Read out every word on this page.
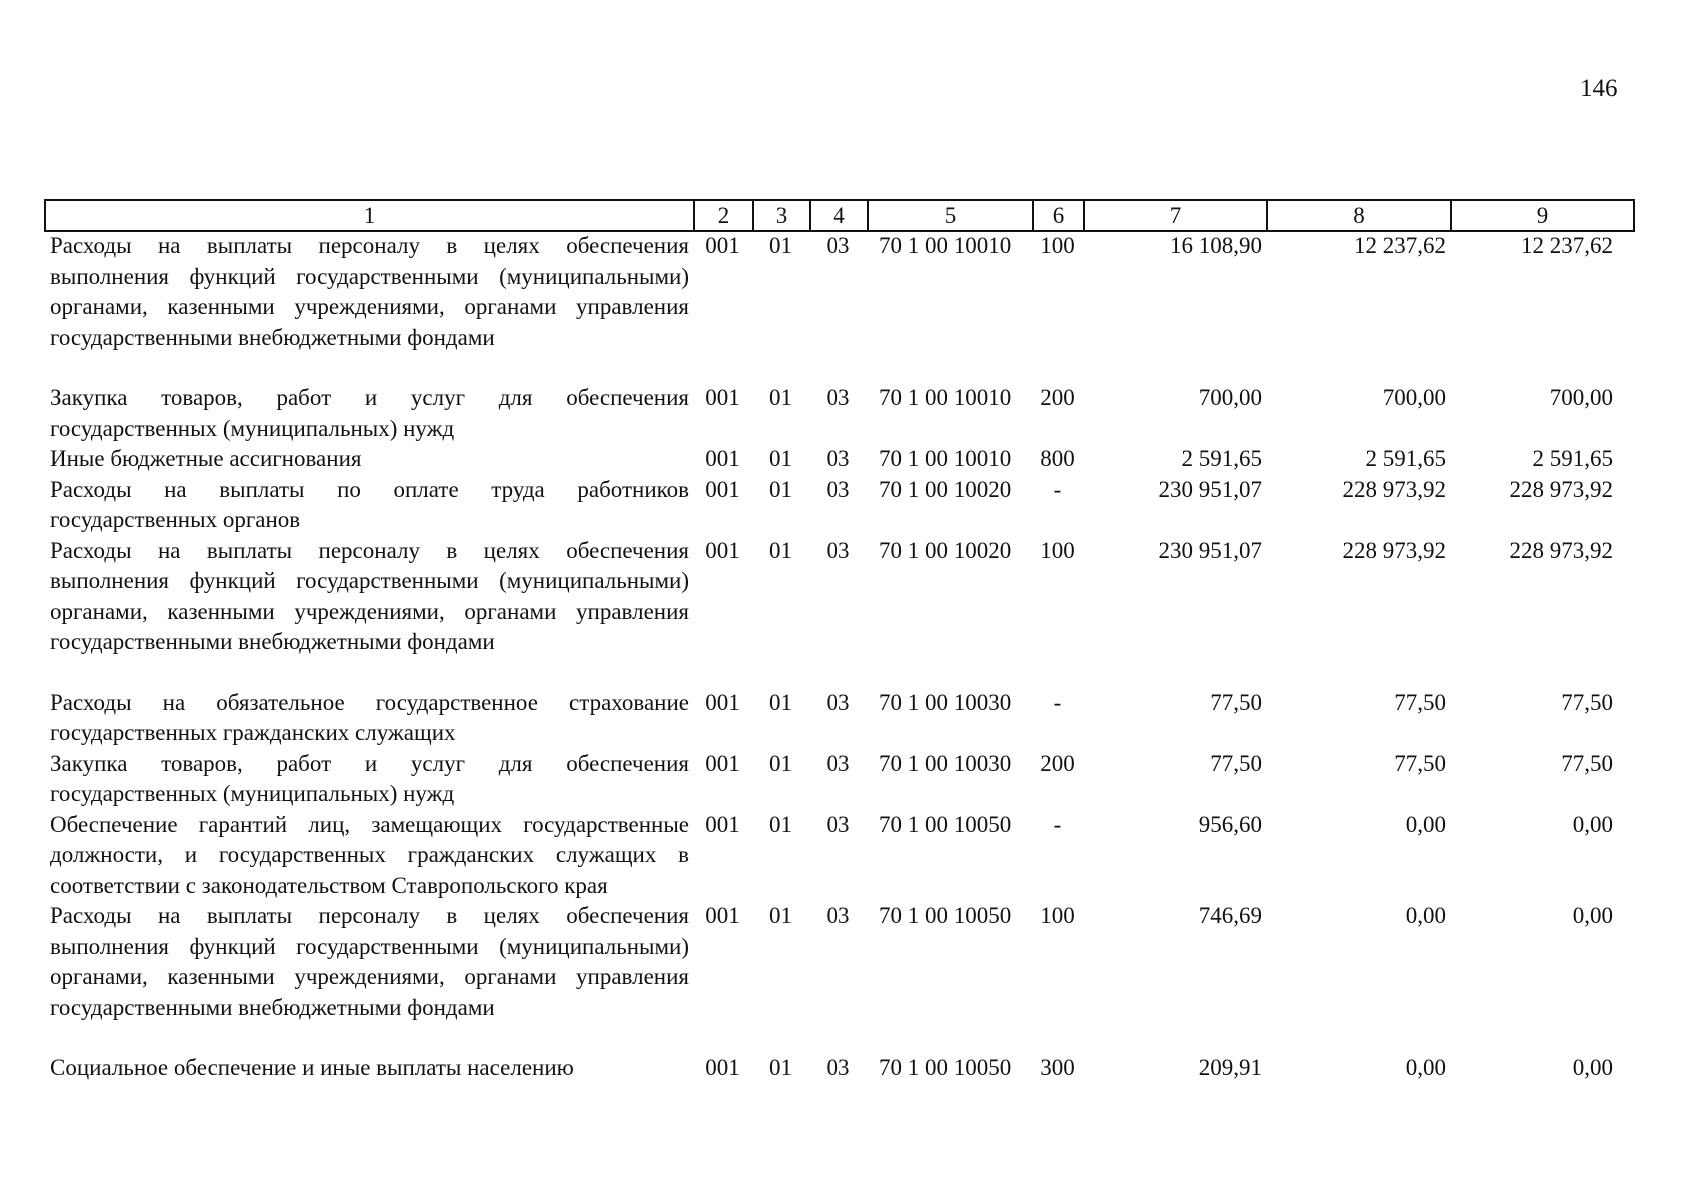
146
1	2	3	4	5	6	7	8	9
Расходы на выплаты персоналу в целях обеспечения выполнения функций государственными (муниципальными) органами, казенными учреждениями, органами управления государственными внебюджетными фондами	001	01	03	70 1 00 10010	100	16 108,90	12 237,62	12 237,62

Закупка товаров, работ и услуг для обеспечения государственных (муниципальных) нужд	001	01	03	70 1 00 10010	200	700,00	700,00	700,00
Иные бюджетные ассигнования	001	01	03	70 1 00 10010	800	2 591,65	2 591,65	2 591,65
Расходы на выплаты по оплате труда работников государственных органов	001	01	03	70 1 00 10020	-	230 951,07	228 973,92	228 973,92
Расходы на выплаты персоналу в целях обеспечения выполнения функций государственными (муниципальными) органами, казенными учреждениями, органами управления государственными внебюджетными фондами	001	01	03	70 1 00 10020	100	230 951,07	228 973,92	228 973,92

Расходы на обязательное государственное страхование государственных гражданских служащих	001	01	03	70 1 00 10030	-	77,50	77,50	77,50
Закупка товаров, работ и услуг для обеспечения государственных (муниципальных) нужд	001	01	03	70 1 00 10030	200	77,50	77,50	77,50
Обеспечение гарантий лиц, замещающих государственные должности, и государственных гражданских служащих в соответствии с законодательством Ставропольского края	001	01	03	70 1 00 10050	-	956,60	0,00	0,00
Расходы на выплаты персоналу в целях обеспечения выполнения функций государственными (муниципальными) органами, казенными учреждениями, органами управления государственными внебюджетными фондами	001	01	03	70 1 00 10050	100	746,69	0,00	0,00

Социальное обеспечение и иные выплаты населению	001	01	03	70 1 00 10050	300	209,91	0,00	0,00
